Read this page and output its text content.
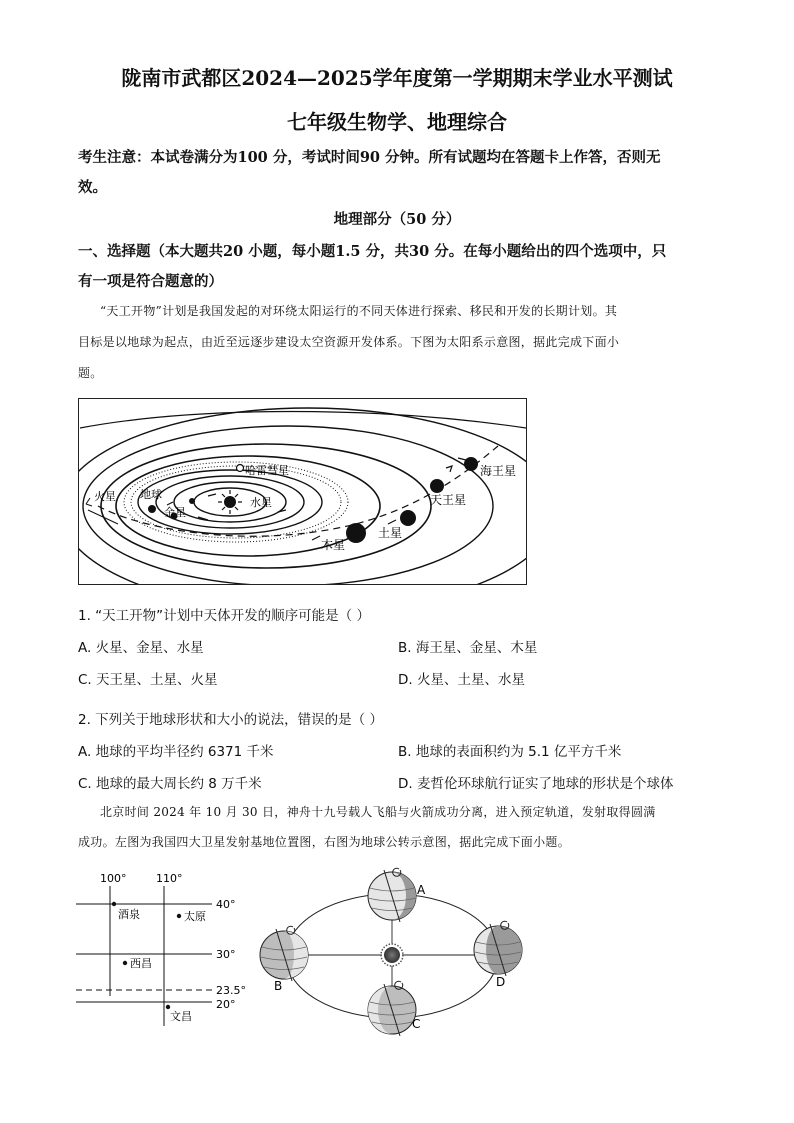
陇南市武都区2024—2025学年度第一学期期末学业水平测试
七年级生物学、地理综合
考生注意：本试卷满分为100 分，考试时间90 分钟。所有试题均在答题卡上作答，否则无
效。
地理部分（50 分）
一、选择题（本大题共20 小题，每小题1.5 分，共30 分。在每小题给出的四个选项中，只
有一项是符合题意的）
“天工开物”计划是我国发起的对环绕太阳运行的不同天体进行探索、移民和开发的长期计划。其
目标是以地球为起点，由近至远逐步建设太空资源开发体系。下图为太阳系示意图，据此完成下面小
题。
海王星
天王星
土星
木星
火星 地球
金星
水星
哈雷彗星
1. “天工开物”计划中天体开发的顺序可能是（ ）
A. 火星、金星、水星	B. 海王星、金星、木星
C. 天王星、土星、火星	D. 火星、土星、水星
2. 下列关于地球形状和大小的说法，错误的是（ ）
A. 地球的平均半径约 6371 千米	B. 地球的表面积约为 5.1 亿平方千米
C. 地球的最大周长约 8 万千米	D. 麦哲伦环球航行证实了地球的形状是个球体
北京时间 2024 年 10 月 30 日，神舟十九号载人飞船与火箭成功分离，进入预定轨道，发射取得圆满
成功。左图为我国四大卫星发射基地位置图，右图为地球公转示意图，据此完成下面小题。
100°	110°
40°
30°
23.5°
20°
酒泉	太原
西昌
文昌
A
B
C
D
